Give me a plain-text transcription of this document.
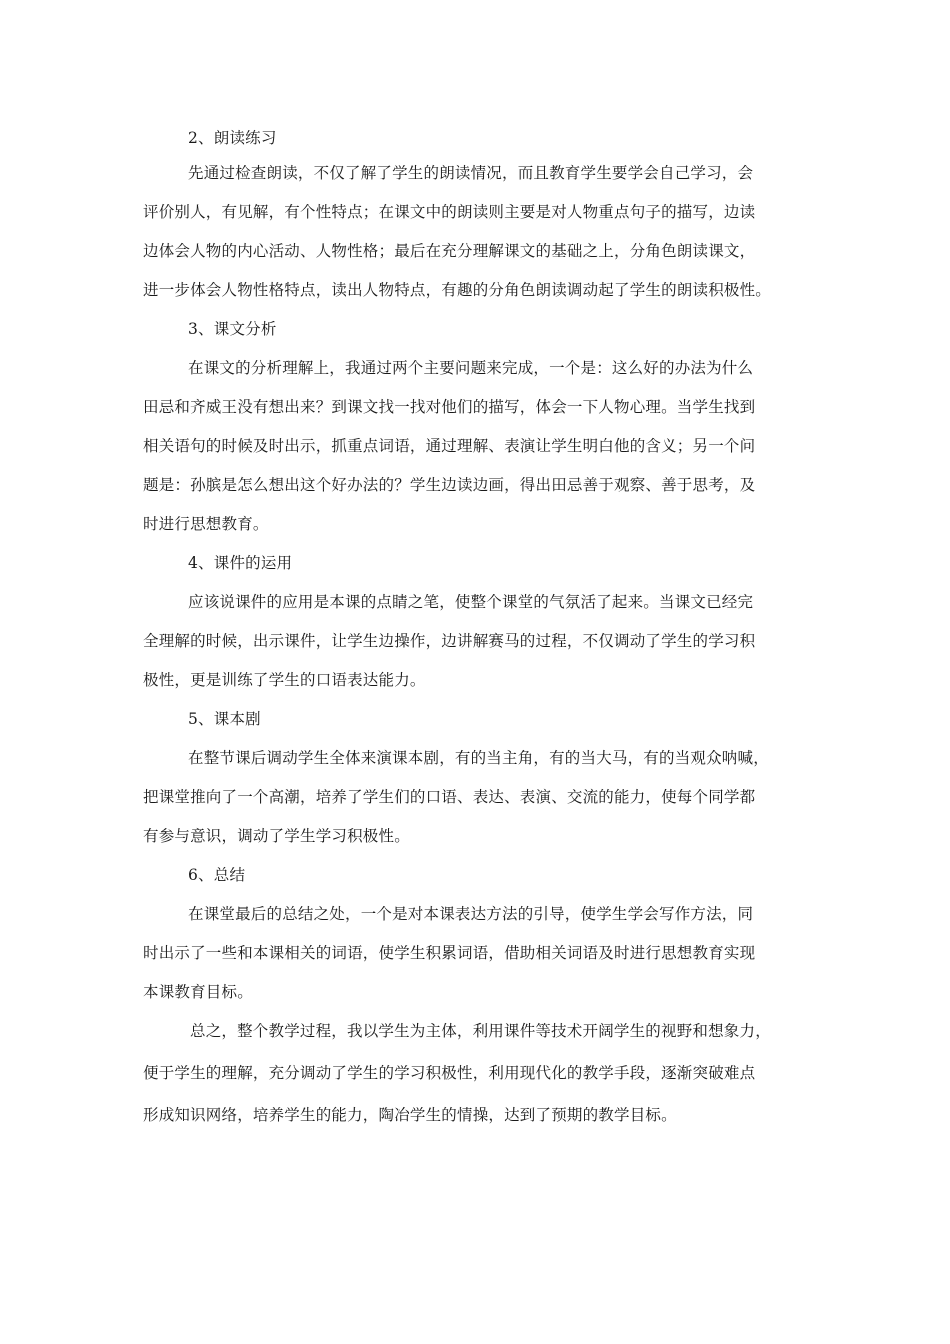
2、朗读练习
先通过检查朗读，不仅了解了学生的朗读情况，而且教育学生要学会自己学习，会
评价别人，有见解，有个性特点；在课文中的朗读则主要是对人物重点句子的描写，边读
边体会人物的内心活动、人物性格；最后在充分理解课文的基础之上，分角色朗读课文，
进一步体会人物性格特点，读出人物特点，有趣的分角色朗读调动起了学生的朗读积极性。
3、课文分析
在课文的分析理解上，我通过两个主要问题来完成，一个是：这么好的办法为什么
田忌和齐威王没有想出来？到课文找一找对他们的描写，体会一下人物心理。当学生找到
相关语句的时候及时出示，抓重点词语，通过理解、表演让学生明白他的含义；另一个问
题是：孙膑是怎么想出这个好办法的？学生边读边画，得出田忌善于观察、善于思考，及
时进行思想教育。
4、课件的运用
应该说课件的应用是本课的点睛之笔，使整个课堂的气氛活了起来。当课文已经完
全理解的时候，出示课件，让学生边操作，边讲解赛马的过程，不仅调动了学生的学习积
极性，更是训练了学生的口语表达能力。
5、课本剧
在整节课后调动学生全体来演课本剧，有的当主角，有的当大马，有的当观众呐喊，
把课堂推向了一个高潮，培养了学生们的口语、表达、表演、交流的能力，使每个同学都
有参与意识，调动了学生学习积极性。
6、总结
在课堂最后的总结之处，一个是对本课表达方法的引导，使学生学会写作方法，同
时出示了一些和本课相关的词语，使学生积累词语，借助相关词语及时进行思想教育实现
本课教育目标。
总之，整个教学过程，我以学生为主体，利用课件等技术开阔学生的视野和想象力，
便于学生的理解，充分调动了学生的学习积极性，利用现代化的教学手段，逐渐突破难点
形成知识网络，培养学生的能力，陶冶学生的情操，达到了预期的教学目标。
